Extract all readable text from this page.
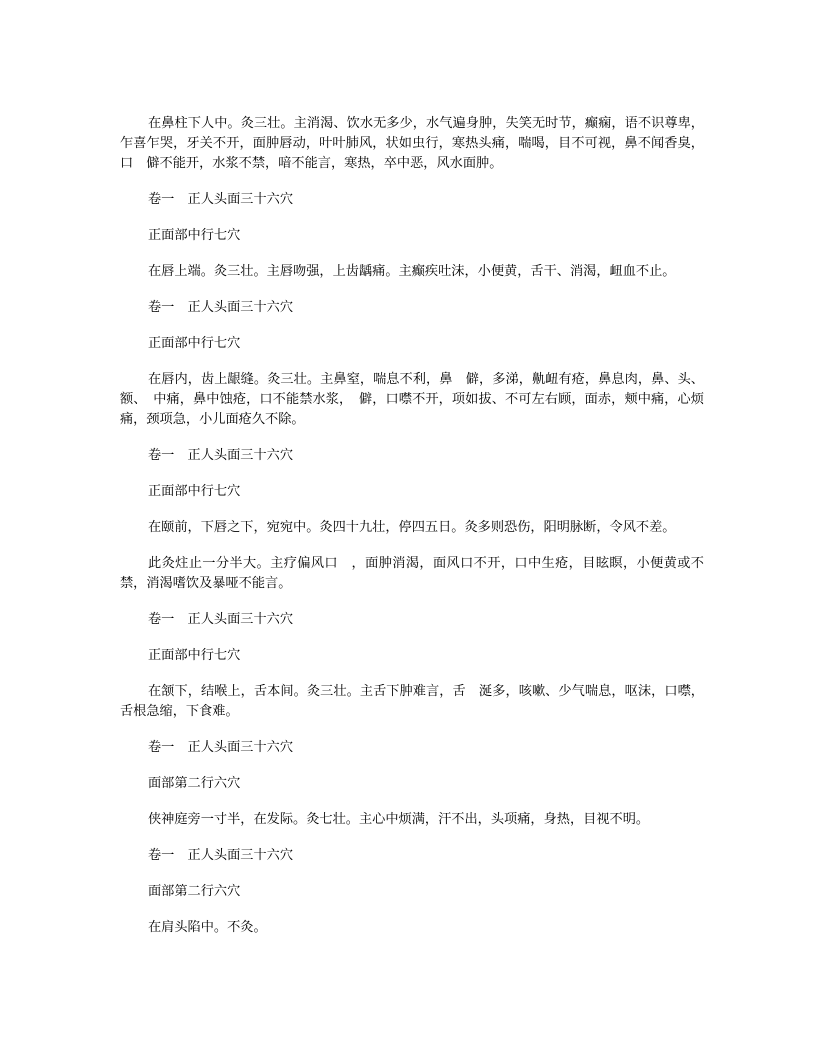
在鼻柱下人中。灸三壮。主消渴、饮水无多少，水气遍身肿，失笑无时节，癫痫，语不识尊卑，乍喜乍哭，牙关不开，面肿唇动，叶叶肺风，状如虫行，寒热头痛，喘喝，目不可视，鼻不闻香臭，口　僻不能开，水浆不禁，喑不能言，寒热，卒中恶，风水面肿。

卷一　正人头面三十六穴

正面部中行七穴

在唇上端。灸三壮。主唇吻强，上齿龋痛。主癫疾吐沫，小便黄，舌干、消渴，衄血不止。

卷一　正人头面三十六穴

正面部中行七穴

在唇内，齿上龈缝。灸三壮。主鼻窒，喘息不利，鼻　僻，多涕，鼽衄有疮，鼻息肉，鼻、头、额、　中痛，鼻中蚀疮，口不能禁水浆，　僻，口噤不开，项如拔、不可左右顾，面赤，颊中痛，心烦痛，颈项急，小儿面疮久不除。

卷一　正人头面三十六穴

正面部中行七穴

在颐前，下唇之下，宛宛中。灸四十九壮，停四五日。灸多则恐伤，阳明脉断，令风不差。

此灸炷止一分半大。主疗偏风口　，面肿消渴，面风口不开，口中生疮，目眩瞑，小便黄或不禁，消渴嗜饮及暴哑不能言。

卷一　正人头面三十六穴

正面部中行七穴

在颔下，结喉上，舌本间。灸三壮。主舌下肿难言，舌　涎多，咳嗽、少气喘息，呕沫，口噤，舌根急缩，下食难。

卷一　正人头面三十六穴

面部第二行六穴

侠神庭旁一寸半，在发际。灸七壮。主心中烦满，汗不出，头项痛，身热，目视不明。

卷一　正人头面三十六穴

面部第二行六穴

在肩头陷中。不灸。
